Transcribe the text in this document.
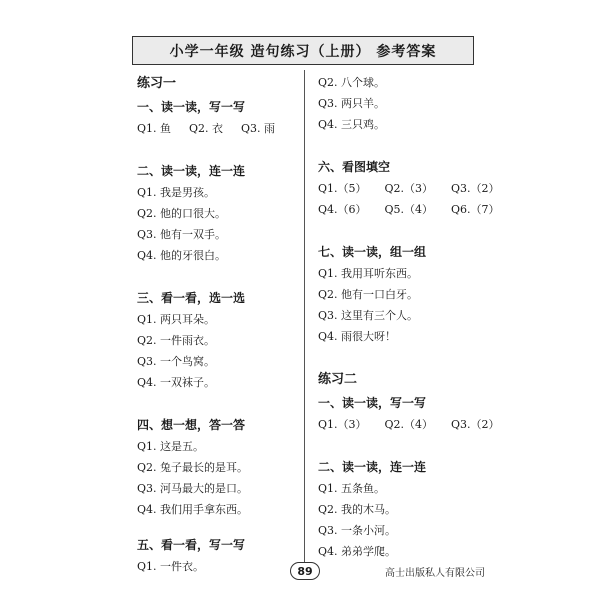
小学一年级 造句练习（上册） 参考答案
练习一
一、读一读，写一写
Q1. 鱼 Q2. 衣 Q3. 雨
二、读一读，连一连
Q1. 我是男孩。
Q2. 他的口很大。
Q3. 他有一双手。
Q4. 他的牙很白。
三、看一看，选一选
Q1. 两只耳朵。
Q2. 一件雨衣。
Q3. 一个鸟窝。
Q4. 一双袜子。
四、想一想，答一答
Q1. 这是五。
Q2. 兔子最长的是耳。
Q3. 河马最大的是口。
Q4. 我们用手拿东西。
五、看一看，写一写
Q1. 一件衣。
Q2. 八个球。
Q3. 两只羊。
Q4. 三只鸡。
六、看图填空
Q1.（5） Q2.（3） Q3.（2）
Q4.（6） Q5.（4） Q6.（7）
七、读一读，组一组
Q1. 我用耳听东西。
Q2. 他有一口白牙。
Q3. 这里有三个人。
Q4. 雨很大呀！
练习二
一、读一读，写一写
Q1.（3） Q2.（4） Q3.（2）
二、读一读，连一连
Q1. 五条鱼。
Q2. 我的木马。
Q3. 一条小河。
Q4. 弟弟学爬。
89	高士出版私人有限公司
